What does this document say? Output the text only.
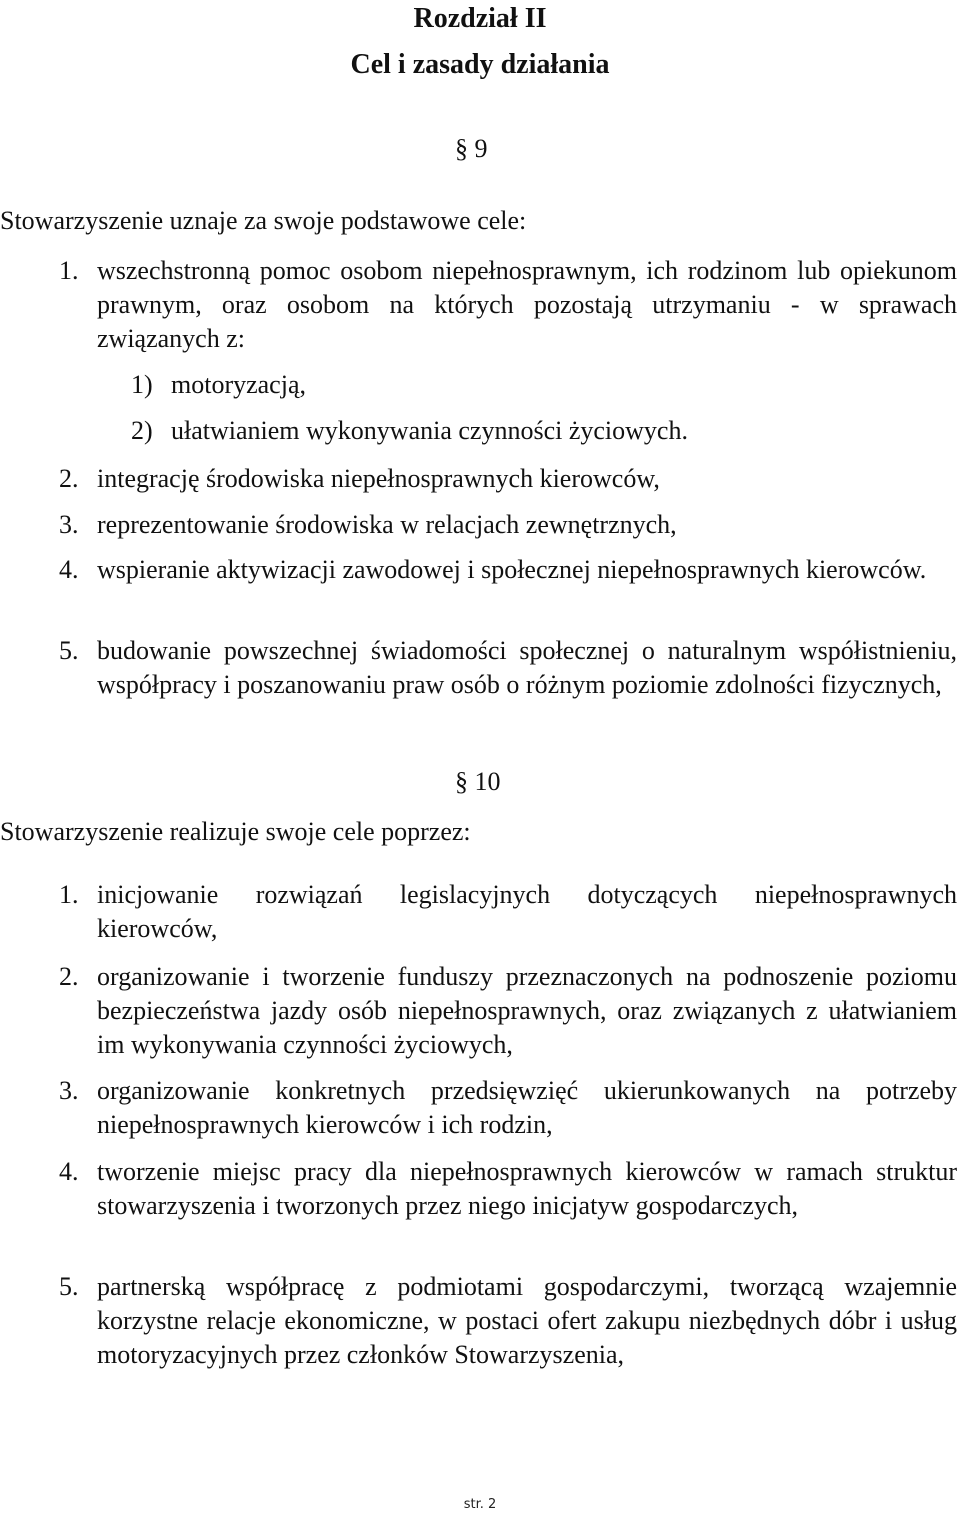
Rozdział II
Cel i zasady działania
§ 9
Stowarzyszenie uznaje za swoje podstawowe cele:
1. wszechstronną pomoc osobom niepełnosprawnym, ich rodzinom lub opiekunom prawnym, oraz osobom na których pozostają utrzymaniu - w sprawach związanych z:
1) motoryzacją,
2) ułatwianiem wykonywania czynności życiowych.
2. integrację środowiska niepełnosprawnych kierowców,
3. reprezentowanie środowiska w relacjach zewnętrznych,
4. wspieranie aktywizacji zawodowej i społecznej niepełnosprawnych kierowców.
5. budowanie powszechnej świadomości społecznej o naturalnym współistnieniu, współpracy i poszanowaniu praw osób o różnym poziomie zdolności fizycznych,
§ 10
Stowarzyszenie realizuje swoje cele poprzez:
1. inicjowanie rozwiązań legislacyjnych dotyczących niepełnosprawnych kierowców,
2. organizowanie i tworzenie funduszy przeznaczonych na podnoszenie poziomu bezpieczeństwa jazdy osób niepełnosprawnych, oraz związanych z ułatwianiem im wykonywania czynności życiowych,
3. organizowanie konkretnych przedsięwzięć ukierunkowanych na potrzeby niepełnosprawnych kierowców i ich rodzin,
4. tworzenie miejsc pracy dla niepełnosprawnych kierowców w ramach struktur stowarzyszenia i tworzonych przez niego inicjatyw gospodarczych,
5. partnerską współpracę z podmiotami gospodarczymi, tworzącą wzajemnie korzystne relacje ekonomiczne, w postaci ofert zakupu niezbędnych dóbr i usług motoryzacyjnych przez członków Stowarzyszenia,
str. 2
